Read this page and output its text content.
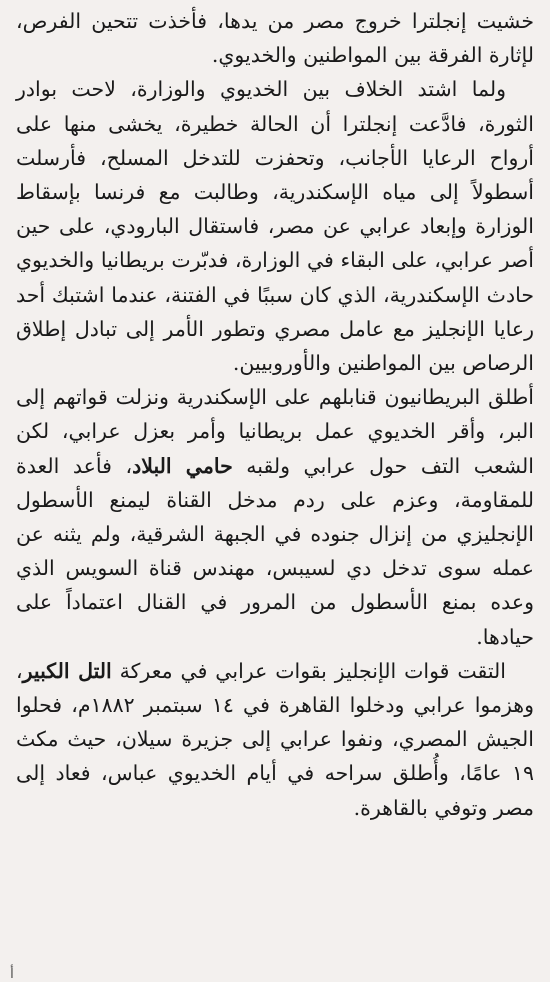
خشيت إنجلترا خروج مصر من يدها، فأخذت تتحين الفرص، لإثارة الفرقة بين المواطنين والخديوي.

ولما اشتد الخلاف بين الخديوي والوزارة، لاحت بوادر الثورة، فادَّعت إنجلترا أن الحالة خطيرة، يخشى منها على أرواح الرعايا الأجانب، وتحفزت للتدخل المسلح، فأرسلت أسطولاً إلى مياه الإسكندرية، وطالبت مع فرنسا بإسقاط الوزارة وإبعاد عرابي عن مصر، فاستقال البارودي، على حين أصر عرابي، على البقاء في الوزارة، فدبّرت بريطانيا والخديوي حادث الإسكندرية، الذي كان سببًا في الفتنة، عندما اشتبك أحد رعايا الإنجليز مع عامل مصري وتطور الأمر إلى تبادل إطلاق الرصاص بين المواطنين والأوروبيين.

أطلق البريطانيون قنابلهم على الإسكندرية ونزلت قواتهم إلى البر، وأقر الخديوي عمل بريطانيا وأمر بعزل عرابي، لكن الشعب التف حول عرابي ولقبه حامي البلاد، فأعد العدة للمقاومة، وعزم على ردم مدخل القناة ليمنع الأسطول الإنجليزي من إنزال جنوده في الجبهة الشرقية، ولم يثنه عن عمله سوى تدخل دي لسيبس، مهندس قناة السويس الذي وعده بمنع الأسطول من المرور في القنال اعتماداً على حيادها.

التقت قوات الإنجليز بقوات عرابي في معركة التل الكبير، وهزموا عرابي ودخلوا القاهرة في ١٤ سبتمبر ١٨٨٢م، فحلوا الجيش المصري، ونفوا عرابي إلى جزيرة سيلان، حيث مكث ١٩ عامًا، وأُطلق سراحه في أيام الخديوي عباس، فعاد إلى مصر وتوفي بالقاهرة.

أ
